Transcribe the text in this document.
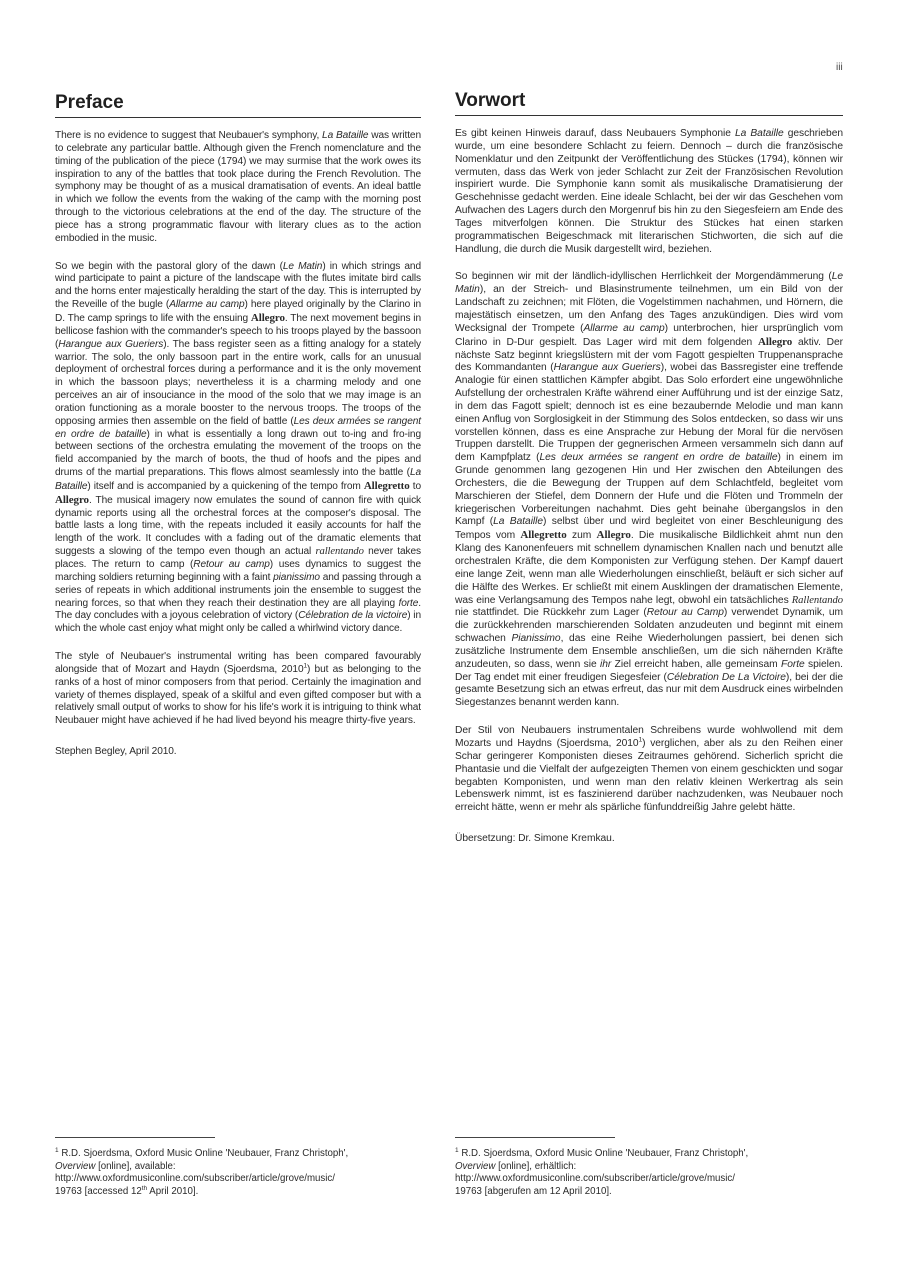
iii
Preface

There is no evidence to suggest that Neubauer's symphony, La Bataille was written to celebrate any particular battle. Although given the French nomenclature and the timing of the publication of the piece (1794) we may surmise that the work owes its inspiration to any of the battles that took place during the French Revolution. The symphony may be thought of as a musical dramatisation of events. An ideal battle in which we follow the events from the waking of the camp with the morning post through to the victorious celebrations at the end of the day. The structure of the piece has a strong programmatic flavour with literary clues as to the action embodied in the music.

So we begin with the pastoral glory of the dawn (Le Matin) in which strings and wind participate to paint a picture of the landscape with the flutes imitate bird calls and the horns enter majestically heralding the start of the day. This is interrupted by the Reveille of the bugle (Allarme au camp) here played originally by the Clarino in D. The camp springs to life with the ensuing Allegro. The next movement begins in bellicose fashion with the commander's speech to his troops played by the bassoon (Harangue aux Gueriers). The bass register seen as a fitting analogy for a stately warrior. The solo, the only bassoon part in the entire work, calls for an unusual deployment of orchestral forces during a performance and it is the only movement in which the bassoon plays; nevertheless it is a charming melody and one perceives an air of insouciance in the mood of the solo that we may image is an oration functioning as a morale booster to the nervous troops. The troops of the opposing armies then assemble on the field of battle (Les deux armées se rangent en ordre de bataille) in what is essentially a long drawn out to-ing and fro-ing between sections of the orchestra emulating the movement of the troops on the field accompanied by the march of boots, the thud of hoofs and the pipes and drums of the martial preparations. This flows almost seamlessly into the battle (La Bataille) itself and is accompanied by a quickening of the tempo from Allegretto to Allegro. The musical imagery now emulates the sound of cannon fire with quick dynamic reports using all the orchestral forces at the composer's disposal. The battle lasts a long time, with the repeats included it easily accounts for half the length of the work. It concludes with a fading out of the dramatic elements that suggests a slowing of the tempo even though an actual rallentando never takes places. The return to camp (Retour au camp) uses dynamics to suggest the marching soldiers returning beginning with a faint pianissimo and passing through a series of repeats in which additional instruments join the ensemble to suggest the nearing forces, so that when they reach their destination they are all playing forte. The day concludes with a joyous celebration of victory (Célebration de la victoire) in which the whole cast enjoy what might only be called a whirlwind victory dance.

The style of Neubauer's instrumental writing has been compared favourably alongside that of Mozart and Haydn (Sjoerdsma, 2010$^1$) but as belonging to the ranks of a host of minor composers from that period. Certainly the imagination and variety of themes displayed, speak of a skilful and even gifted composer but with a relatively small output of works to show for his life's work it is intriguing to think what Neubauer might have achieved if he had lived beyond his meagre thirty-five years.

Stephen Begley, April 2010.

Vorwort

Es gibt keinen Hinweis darauf, dass Neubauers Symphonie La Bataille geschrieben wurde, um eine besondere Schlacht zu feiern. Dennoch – durch die französische Nomenklatur und den Zeitpunkt der Veröffentlichung des Stückes (1794), können wir vermuten, dass das Werk von jeder Schlacht zur Zeit der Französischen Revolution inspiriert wurde. Die Symphonie kann somit als musikalische Dramatisierung der Geschehnisse gedacht werden. Eine ideale Schlacht, bei der wir das Geschehen vom Aufwachen des Lagers durch den Morgenruf bis hin zu den Siegesfeiern am Ende des Tages mitverfolgen können. Die Struktur des Stückes hat einen starken programmatischen Beigeschmack mit literarischen Stichworten, die sich auf die Handlung, die durch die Musik dargestellt wird, beziehen.

So beginnen wir mit der ländlich-idyllischen Herrlichkeit der Morgendämmerung (Le Matin), an der Streich- und Blasinstrumente teilnehmen, um ein Bild von der Landschaft zu zeichnen; mit Flöten, die Vogelstimmen nachahmen, und Hörnern, die majestätisch einsetzen, um den Anfang des Tages anzukündigen. Dies wird vom Wecksignal der Trompete (Allarme au camp) unterbrochen, hier ursprünglich vom Clarino in D-Dur gespielt. Das Lager wird mit dem folgenden Allegro aktiv. Der nächste Satz beginnt kriegslüstern mit der vom Fagott gespielten Truppenansprache des Kommandanten (Harangue aux Gueriers), wobei das Bassregister eine treffende Analogie für einen stattlichen Kämpfer abgibt. Das Solo erfordert eine ungewöhnliche Aufstellung der orchestralen Kräfte während einer Aufführung und ist der einzige Satz, in dem das Fagott spielt; dennoch ist es eine bezaubernde Melodie und man kann einen Anflug von Sorglosigkeit in der Stimmung des Solos entdecken, so dass wir uns vorstellen können, dass es eine Ansprache zur Hebung der Moral für die nervösen Truppen darstellt. Die Truppen der gegnerischen Armeen versammeln sich dann auf dem Kampfplatz (Les deux armées se rangent en ordre de bataille) in einem im Grunde genommen lang gezogenen Hin und Her zwischen den Abteilungen des Orchesters, die die Bewegung der Truppen auf dem Schlachtfeld, begleitet vom Marschieren der Stiefel, dem Donnern der Hufe und die Flöten und Trommeln der kriegerischen Vorbereitungen nachahmt. Dies geht beinahe übergangslos in den Kampf (La Bataille) selbst über und wird begleitet von einer Beschleunigung des Tempos vom Allegretto zum Allegro. Die musikalische Bildlichkeit ahmt nun den Klang des Kanonenfeuers mit schnellem dynamischen Knallen nach und benutzt alle orchestralen Kräfte, die dem Komponisten zur Verfügung stehen. Der Kampf dauert eine lange Zeit, wenn man alle Wiederholungen einschließt, beläuft er sich sicher auf die Hälfte des Werkes. Er schließt mit einem Ausklingen der dramatischen Elemente, was eine Verlangsamung des Tempos nahe legt, obwohl ein tatsächliches Rallentando nie stattfindet. Die Rückkehr zum Lager (Retour au Camp) verwendet Dynamik, um die zurückkehrenden marschierenden Soldaten anzudeuten und beginnt mit einem schwachen Pianissimo, das eine Reihe Wiederholungen passiert, bei denen sich zusätzliche Instrumente dem Ensemble anschließen, um die sich nähernden Kräfte anzudeuten, so dass, wenn sie ihr Ziel erreicht haben, alle gemeinsam Forte spielen. Der Tag endet mit einer freudigen Siegesfeier (Célebration De La Victoire), bei der die gesamte Besetzung sich an etwas erfreut, das nur mit dem Ausdruck eines wirbelnden Siegestanzes benannt werden kann.

Der Stil von Neubauers instrumentalen Schreibens wurde wohlwollend mit dem Mozarts und Haydns (Sjoerdsma, 2010$^1$) verglichen, aber als zu den Reihen einer Schar geringerer Komponisten dieses Zeitraumes gehörend. Sicherlich spricht die Phantasie und die Vielfalt der aufgezeigten Themen von einem geschickten und sogar begabten Komponisten, und wenn man den relativ kleinen Werkertrag als sein Lebenswerk nimmt, ist es faszinierend darüber nachzudenken, was Neubauer noch erreicht hätte, wenn er mehr als spärliche fünfunddreißig Jahre gelebt hätte.

Übersetzung: Dr. Simone Kremkau.

$^1$ R.D. Sjoerdsma, Oxford Music Online 'Neubauer, Franz Christoph',
Overview [online], available:
http://www.oxfordmusiconline.com/subscriber/article/grove/music/
19763 [accessed 12th April 2010].
$^1$ R.D. Sjoerdsma, Oxford Music Online 'Neubauer, Franz Christoph',
Overview [online], erhältlich:
http://www.oxfordmusiconline.com/subscriber/article/grove/music/
19763 [abgerufen am 12 April 2010].
